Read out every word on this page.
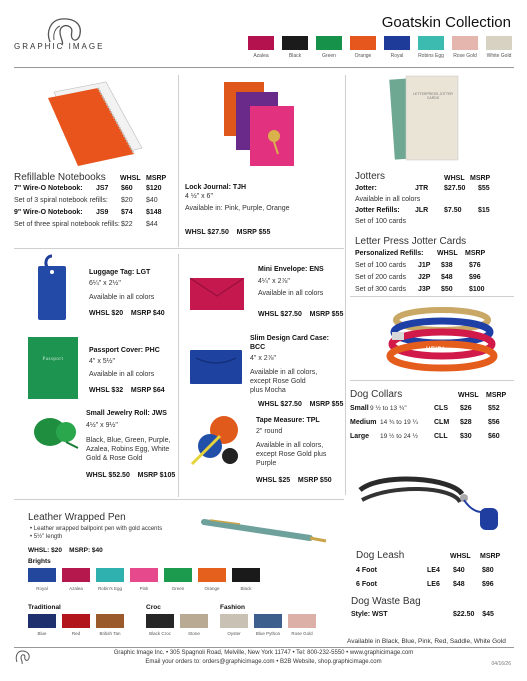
GRAPHIC IMAGE
Goatskin Collection
Refillable Notebooks WHSL MSRP
Lock Journal: TJH
4 ½" x 6"
Available in: Pink, Purple, Orange
WHSL $27.50    MSRP $55
LETTERPRESS JOTTER CARDS
Jotters	WHSL MSRP
Letter Press Jotter Cards
Personalized Refills: WHSL MSRP
Luggage Tag: LGT
6¼" x 2½"
Available in all colors
WHSL $20    MSRP $40
Passport
Passport Cover: PHC
4" x 5½"
Available in all colors
WHSL $32    MSRP $64
Small Jewelry Roll: JWS
4½" x 9½"
Black, Blue, Green, Purple, Azalea, Robins Egg, White Gold & Rose Gold
WHSL $52.50    MSRP $105
Mini Envelope: ENS
4¼" x 2⅞"
Available in all colors
WHSL $27.50    MSRP $55
Slim Design Card Case: BCC
4" x 2⅞"
Available in all colors, except Rose Gold plus Mocha
WHSL $27.50    MSRP $55
Tape Measure: TPL
2" round
Available in all colors, except Rose Gold plus Purple
WHSL $25    MSRP $50
HEIDI
Dog Collars	WHSL MSRP
Dog Leash	WHSL MSRP
Dog Waste Bag
Style: WST	$22.50    $45
Available in Black, Blue, Pink, Red, Saddle, White Gold
Leather Wrapped Pen
• Leather wrapped ballpoint pen with gold accents
• 5½" length
WHSL: $20    MSRP: $40
Brights
Traditional	Croc	Fashion
Graphic Image Inc. • 305 Spagnoli Road, Melville, New York 11747 • Tel: 800-232-5550 • www.graphicimage.com
Email your orders to: orders@graphicimage.com • B2B Website, shop.graphicimage.com	04/16/26
Azalea	Black	Green	Orange	Royal	Robins Egg	Rose Gold	White Gold
7" Wire-O Notebook: JS7 $60 $120
Set of 3 spiral notebook refills: $20 $40
9" Wire-O Notebook: JS9 $74 $148
Set of three spiral notebook refills: $22 $44
Jotter:	JTR $27.50 $55
Available in all colors
Jotter Refills: JLR $7.50 $15
Set of 100 cards
Set of 100 cards J1P $38 $76
Set of 200 cards J2P $48 $96
Set of 300 cards J3P $50 $100
Small 9 ½ to 13 ¾"	CLS $26 $52
Medium 14 ¾ to 19 ¼ CLM $28 $56
Large 19 ½ to 24 ½ CLL $30 $60
4 Foot	LE4 $40 $80
6 Foot	LE6 $48 $96
Royal	Azalea	Robin's Egg	Pink	Green	Orange	Black
Blue	Red	British Tan	Black Croc	Stone	Oyster	Blue Python	Rose Gold
